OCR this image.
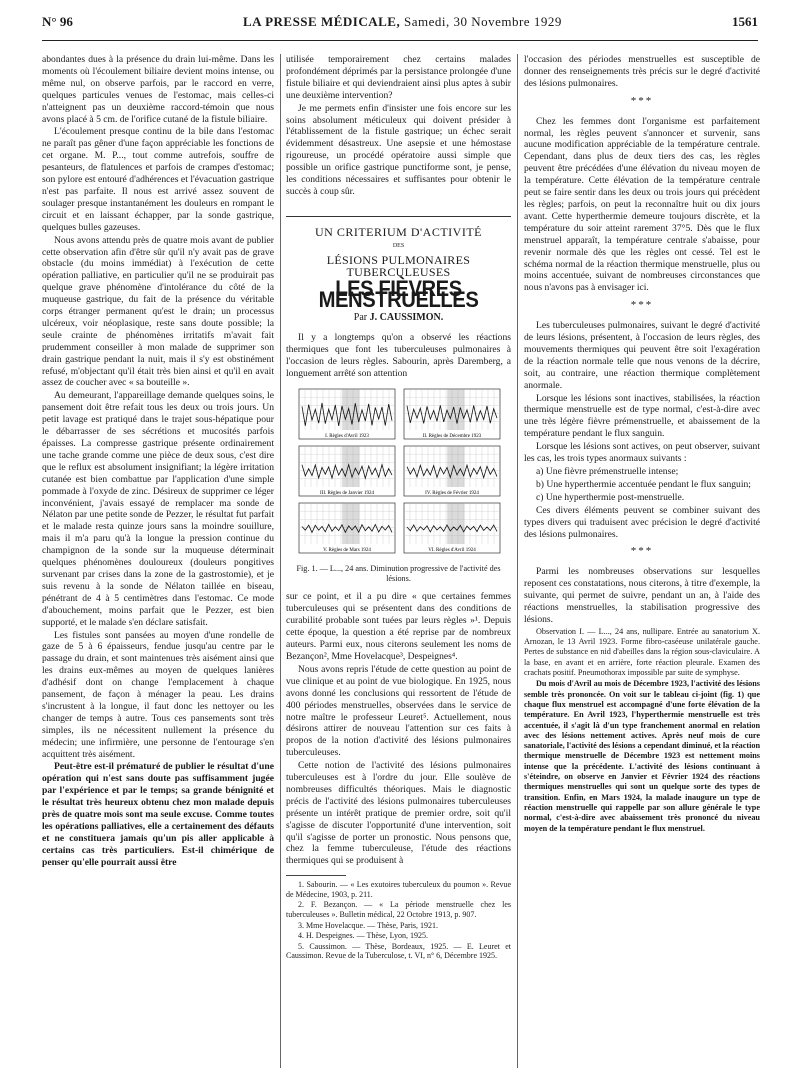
N° 96	LA PRESSE MÉDICALE, Samedi, 30 Novembre 1929	1561

abondantes dues à la présence du drain lui-même. Dans les moments où l'écoulement biliaire devient moins intense, ou même nul, on observe parfois, par le raccord en verre, quelques particules venues de l'estomac, mais celles-ci n'atteignent pas un deuxième raccord-témoin que nous avons placé à 5 cm. de l'orifice cutané de la fistule biliaire.

L'écoulement presque continu de la bile dans l'estomac ne paraît pas gêner d'une façon appréciable les fonctions de cet organe. M. P..., tout comme autrefois, souffre de pesanteurs, de flatulences et parfois de crampes d'estomac; son pylore est entouré d'adhérences et l'évacuation gastrique n'est pas parfaite. Il nous est arrivé assez souvent de soulager presque instantanément les douleurs en rompant le circuit et en laissant échapper, par la sonde gastrique, quelques bulles gazeuses.

Nous avons attendu près de quatre mois avant de publier cette observation afin d'être sûr qu'il n'y avait pas de grave obstacle (du moins immédiat) à l'exécution de cette opération palliative, en particulier qu'il ne se produirait pas quelque grave phénomène d'intolérance du côté de la muqueuse gastrique, du fait de la présence du véritable corps étranger permanent qu'est le drain; un processus ulcéreux, voir néoplasique, reste sans doute possible; la seule crainte de phénomènes irritatifs m'avait fait prudemment conseiller à mon malade de supprimer son drain gastrique pendant la nuit, mais il s'y est obstinément refusé, m'objectant qu'il était très bien ainsi et qu'il en avait assez de coucher avec « sa bouteille ».

Au demeurant, l'appareillage demande quelques soins, le pansement doit être refait tous les deux ou trois jours. Un petit lavage est pratiqué dans le trajet sous-hépatique pour le débarrasser de ses sécrétions et mucosités parfois épaisses. La compresse gastrique présente ordinairement une tache grande comme une pièce de deux sous, c'est dire que le reflux est absolument insignifiant; la légère irritation cutanée est bien combattue par l'application d'une simple pommade à l'oxyde de zinc. Désireux de supprimer ce léger inconvénient, j'avais essayé de remplacer ma sonde de Nélaton par une petite sonde de Pezzer, le résultat fut parfait et le malade resta quinze jours sans la moindre souillure, mais il m'a paru qu'à la longue la pression continue du champignon de la sonde sur la muqueuse déterminait quelques phénomènes douloureux (douleurs pongitives survenant par crises dans la zone de la gastrostomie), et je suis revenu à la sonde de Nélaton taillée en biseau, pénétrant de 4 à 5 centimètres dans l'estomac. Ce mode d'abouchement, moins parfait que le Pezzer, est bien supporté, et le malade s'en déclare satisfait.

Les fistules sont pansées au moyen d'une rondelle de gaze de 5 à 6 épaisseurs, fendue jusqu'au centre par le passage du drain, et sont maintenues très aisément ainsi que les drains eux-mêmes au moyen de quelques lanières d'adhésif dont on change l'emplacement à chaque pansement, de façon à ménager la peau. Les drains s'incrustent à la longue, il faut donc les nettoyer ou les changer de temps à autre. Tous ces pansements sont très simples, ils ne nécessitent nullement la présence du médecin; une infirmière, une personne de l'entourage s'en acquittent très aisément.

Peut-être est-il prématuré de publier le résultat d'une opération qui n'est sans doute pas suffisamment jugée par l'expérience et par le temps; sa grande bénignité et le résultat très heureux obtenu chez mon malade depuis près de quatre mois sont ma seule excuse. Comme toutes les opérations palliatives, elle a certainement des défauts et ne constituera jamais qu'un pis aller applicable à certains cas très particuliers. Est-il chimérique de penser qu'elle pourrait aussi être

utilisée temporairement chez certains malades profondément déprimés par la persistance prolongée d'une fistule biliaire et qui deviendraient ainsi plus aptes à subir une deuxième intervention?

Je me permets enfin d'insister une fois encore sur les soins absolument méticuleux qui doivent présider à l'établissement de la fistule gastrique; un échec serait évidemment désastreux. Une asepsie et une hémostase rigoureuse, un procédé opératoire aussi simple que possible un orifice gastrique punctiforme sont, je pense, les conditions nécessaires et suffisantes pour obtenir le succès à coup sûr.

UN CRITERIUM D'ACTIVITÉ
DES
LÉSIONS PULMONAIRES TUBERCULEUSES
LES FIÈVRES MENSTRUELLES
Par J. CAUSSIMON.

Il y a longtemps qu'on a observé les réactions thermiques que font les tuberculeuses pulmonaires à l'occasion de leurs règles. Sabourin, après Daremberg, a longuement arrêté son attention

I. Règles d'Avril 1923	II. Règles de Décembre 1923
III. Règles de Janvier 1924	IV. Règles de Février 1924
V. Règles de Mars 1924	VI. Règles d'Avril 1924
Fig. 1. — L..., 24 ans. Diminution progressive de l'activité des lésions.

sur ce point, et il a pu dire « que certaines femmes tuberculeuses qui se présentent dans des conditions de curabilité probable sont tuées par leurs règles »¹. Depuis cette époque, la question a été reprise par de nombreux auteurs. Parmi eux, nous citerons seulement les noms de Bezançon², Mme Hovelacque³, Despeignes⁴.

Nous avons repris l'étude de cette question au point de vue clinique et au point de vue biologique. En 1925, nous avons donné les conclusions qui ressortent de l'étude de 400 périodes menstruelles, observées dans le service de notre maître le professeur Leuret⁵. Actuellement, nous désirons attirer de nouveau l'attention sur ces faits à propos de la notion d'activité des lésions pulmonaires tuberculeuses.

Cette notion de l'activité des lésions pulmonaires tuberculeuses est à l'ordre du jour. Elle soulève de nombreuses difficultés théoriques. Mais le diagnostic précis de l'activité des lésions pulmonaires tuberculeuses présente un intérêt pratique de premier ordre, soit qu'il s'agisse de discuter l'opportunité d'une intervention, soit qu'il s'agisse de porter un pronostic. Nous pensons que, chez la femme tuberculeuse, l'étude des réactions thermiques qui se produisent à

1. Sabourin. — « Les exutoires tuberculeux du poumon ». Revue de Médecine, 1903, p. 211.

2. F. Bezançon. — « La période menstruelle chez les tuberculeuses ». Bulletin médical, 22 Octobre 1913, p. 907.

3. Mme Hovelacque. — Thèse, Paris, 1921.

4. H. Despeignes. — Thèse, Lyon, 1925.

5. Caussimon. — Thèse, Bordeaux, 1925. — E. Leuret et Caussimon. Revue de la Tuberculose, t. VI, n° 6, Décembre 1925.

l'occasion des périodes menstruelles est susceptible de donner des renseignements très précis sur le degré d'activité des lésions pulmonaires.

***

Chez les femmes dont l'organisme est parfaitement normal, les règles peuvent s'annoncer et survenir, sans aucune modification appréciable de la température centrale. Cependant, dans plus de deux tiers des cas, les règles peuvent être précédées d'une élévation du niveau moyen de la température. Cette élévation de la température centrale peut se faire sentir dans les deux ou trois jours qui précèdent les règles; parfois, on peut la reconnaître huit ou dix jours avant. Cette hyperthermie demeure toujours discrète, et la température du soir atteint rarement 37°5. Dès que le flux menstruel apparaît, la température centrale s'abaisse, pour revenir normale dès que les règles ont cessé. Tel est le schéma normal de la réaction thermique menstruelle, plus ou moins accentuée, suivant de nombreuses circonstances que nous n'avons pas à envisager ici.

***

Les tuberculeuses pulmonaires, suivant le degré d'activité de leurs lésions, présentent, à l'occasion de leurs règles, des mouvements thermiques qui peuvent être soit l'exagération de la réaction normale telle que nous venons de la décrire, soit, au contraire, une réaction thermique complètement anormale.

Lorsque les lésions sont inactives, stabilisées, la réaction thermique menstruelle est de type normal, c'est-à-dire avec une très légère fièvre prémenstruelle, et abaissement de la température pendant le flux sanguin.

Lorsque les lésions sont actives, on peut observer, suivant les cas, les trois types anormaux suivants :

a) Une fièvre prémenstruelle intense;

b) Une hyperthermie accentuée pendant le flux sanguin;

c) Une hyperthermie post-menstruelle.

Ces divers éléments peuvent se combiner suivant des types divers qui traduisent avec précision le degré d'activité des lésions pulmonaires.

***

Parmi les nombreuses observations sur lesquelles reposent ces constatations, nous citerons, à titre d'exemple, la suivante, qui permet de suivre, pendant un an, à l'aide des réactions menstruelles, la stabilisation progressive des lésions.

Observation I. — L..., 24 ans, nullipare. Entrée au sanatorium X. Arnozan, le 13 Avril 1923. Forme fibro-caséeuse unilatérale gauche. Pertes de substance en nid d'abeilles dans la région sous-claviculaire. A la base, en avant et en arrière, forte réaction pleurale. Examen des crachats positif. Pneumothorax impossible par suite de symphyse.

Du mois d'Avril au mois de Décembre 1923, l'activité des lésions semble très prononcée. On voit sur le tableau ci-joint (fig. 1) que chaque flux menstruel est accompagné d'une forte élévation de la température. En Avril 1923, l'hyperthermie menstruelle est très accentuée, il s'agit là d'un type franchement anormal en relation avec des lésions nettement actives. Après neuf mois de cure sanatoriale, l'activité des lésions a cependant diminué, et la réaction thermique menstruelle de Décembre 1923 est nettement moins intense que la précédente. L'activité des lésions continuant à s'éteindre, on observe en Janvier et Février 1924 des réactions thermiques menstruelles qui sont un quelque sorte des types de transition. Enfin, en Mars 1924, la malade inaugure un type de réaction menstruelle qui rappelle par son allure générale le type normal, c'est-à-dire avec abaissement très prononcé du niveau moyen de la température pendant le flux menstruel.
